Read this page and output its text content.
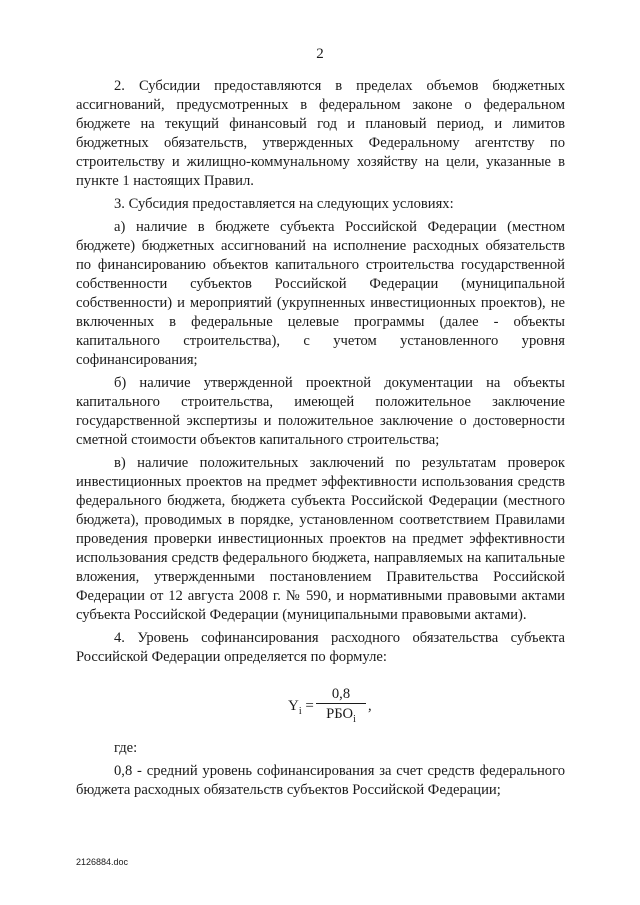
2

2. Субсидии предоставляются в пределах объемов бюджетных ассигнований, предусмотренных в федеральном законе о федеральном бюджете на текущий финансовый год и плановый период, и лимитов бюджетных обязательств, утвержденных Федеральному агентству по строительству и жилищно-коммунальному хозяйству на цели, указанные в пункте 1 настоящих Правил.

3. Субсидия предоставляется на следующих условиях:

а) наличие в бюджете субъекта Российской Федерации (местном бюджете) бюджетных ассигнований на исполнение расходных обязательств по финансированию объектов капитального строительства государственной собственности субъектов Российской Федерации (муниципальной собственности) и мероприятий (укрупненных инвестиционных проектов), не включенных в федеральные целевые программы (далее - объекты капитального строительства), с учетом установленного уровня софинансирования;

б) наличие утвержденной проектной документации на объекты капитального строительства, имеющей положительное заключение государственной экспертизы и положительное заключение о достоверности сметной стоимости объектов капитального строительства;

в) наличие положительных заключений по результатам проверок инвестиционных проектов на предмет эффективности использования средств федерального бюджета, бюджета субъекта Российской Федерации (местного бюджета), проводимых в порядке, установленном соответствием Правилами проведения проверки инвестиционных проектов на предмет эффективности использования средств федерального бюджета, направляемых на капитальные вложения, утвержденными постановлением Правительства Российской Федерации от 12 августа 2008 г. № 590, и нормативными правовыми актами субъекта Российской Федерации (муниципальными правовыми актами).

4. Уровень софинансирования расходного обязательства субъекта Российской Федерации определяется по формуле:

$Y_i$ =
0,8
$РБО_i$
,

где:

0,8 - средний уровень софинансирования за счет средств федерального бюджета расходных обязательств субъектов Российской Федерации;

2126884.doc
